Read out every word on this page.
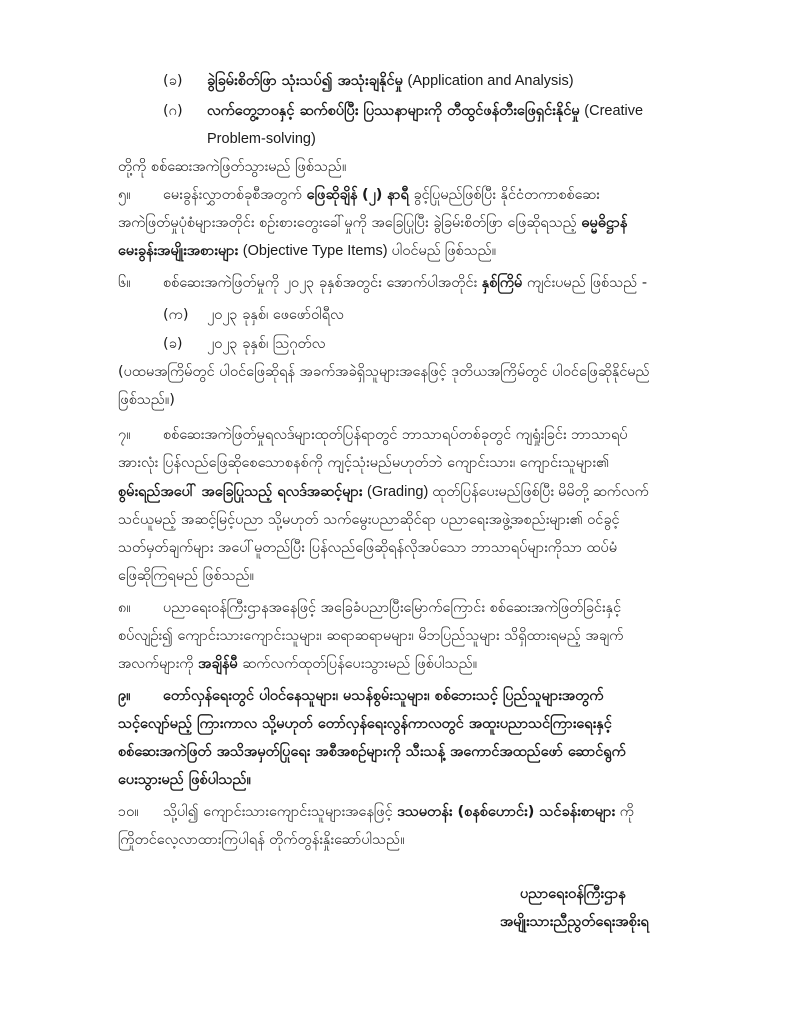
(ခ) ခွဲခြမ်းစိတ်ဖြာ သုံးသပ်၍ အသုံးချနိုင်မှု (Application and Analysis)
(ဂ) လက်တွေ့ဘဝနှင့် ဆက်စပ်ပြီး ပြဿနာများကို တီထွင်ဖန်တီးဖြေရှင်းနိုင်မှု (Creative
Problem-solving)
တို့ကို စစ်ဆေးအကဲဖြတ်သွားမည် ဖြစ်သည်။
၅။ မေးခွန်းလွှာတစ်ခုစီအတွက် ဖြေဆိုချိန် (၂) နာရီ ခွင့်ပြုမည်ဖြစ်ပြီး နိုင်ငံတကာစစ်ဆေး
အကဲဖြတ်မှုပုံစံများအတိုင်း စဉ်းစားတွေးခေါ်မှုကို အခြေပြုပြီး ခွဲခြမ်းစိတ်ဖြာ ဖြေဆိုရသည့် ဓမ္မဓိဋ္ဌာန်
မေးခွန်းအမျိုးအစားများ (Objective Type Items) ပါဝင်မည် ဖြစ်သည်။
၆။ စစ်ဆေးအကဲဖြတ်မှုကို ၂၀၂၃ ခုနှစ်အတွင်း အောက်ပါအတိုင်း နှစ်ကြိမ် ကျင်းပမည် ဖြစ်သည် -
(က) ၂၀၂၃ ခုနှစ်၊ ဖေဖော်ဝါရီလ
(ခ) ၂၀၂၃ ခုနှစ်၊ ဩဂုတ်လ
(ပထမအကြိမ်တွင် ပါဝင်ဖြေဆိုရန် အခက်အခဲရှိသူများအနေဖြင့် ဒုတိယအကြိမ်တွင် ပါဝင်ဖြေဆိုနိုင်မည်
ဖြစ်သည်။)
၇။ စစ်ဆေးအကဲဖြတ်မှုရလဒ်များထုတ်ပြန်ရာတွင် ဘာသာရပ်တစ်ခုတွင် ကျရှုံးခြင်း ဘာသာရပ်
အားလုံး ပြန်လည်ဖြေဆိုစေသောစနစ်ကို ကျင့်သုံးမည်မဟုတ်ဘဲ ကျောင်းသား၊ ကျောင်းသူများ၏
စွမ်းရည်အပေါ် အခြေပြုသည့် ရလဒ်အဆင့်များ (Grading) ထုတ်ပြန်ပေးမည်ဖြစ်ပြီး မိမိတို့ ဆက်လက်
သင်ယူမည့် အဆင့်မြင့်ပညာ သို့မဟုတ် သက်မွေးပညာဆိုင်ရာ ပညာရေးအဖွဲ့အစည်းများ၏ ဝင်ခွင့်
သတ်မှတ်ချက်များ အပေါ်မူတည်ပြီး ပြန်လည်ဖြေဆိုရန်လိုအပ်သော ဘာသာရပ်များကိုသာ ထပ်မံ
ဖြေဆိုကြရမည် ဖြစ်သည်။
၈။ ပညာရေးဝန်ကြီးဌာနအနေဖြင့် အခြေခံပညာပြီးမြောက်ကြောင်း စစ်ဆေးအကဲဖြတ်ခြင်းနှင့်
စပ်လျဉ်း၍ ကျောင်းသားကျောင်းသူများ၊ ဆရာဆရာမများ၊ မိဘပြည်သူများ သိရှိထားရမည့် အချက်
အလက်များကို အချိန်မီ ဆက်လက်ထုတ်ပြန်ပေးသွားမည် ဖြစ်ပါသည်။
၉။ တော်လှန်ရေးတွင် ပါဝင်နေသူများ၊ မသန်စွမ်းသူများ၊ စစ်ဘေးသင့် ပြည်သူများအတွက်
သင့်လျော်မည့် ကြားကာလ သို့မဟုတ် တော်လှန်ရေးလွန်ကာလတွင် အထူးပညာသင်ကြားရေးနှင့်
စစ်ဆေးအကဲဖြတ် အသိအမှတ်ပြုရေး အစီအစဉ်များကို သီးသန့် အကောင်အထည်ဖော် ဆောင်ရွက်
ပေးသွားမည် ဖြစ်ပါသည်။
၁၀။ သို့ပါ၍ ကျောင်းသားကျောင်းသူများအနေဖြင့် ဒသမတန်း (စနစ်ဟောင်း) သင်ခန်းစာများ ကို
ကြိုတင်လေ့လာထားကြပါရန် တိုက်တွန်းနှိုးဆော်ပါသည်။
ပညာရေးဝန်ကြီးဌာန
အမျိုးသားညီညွတ်ရေးအစိုးရ
